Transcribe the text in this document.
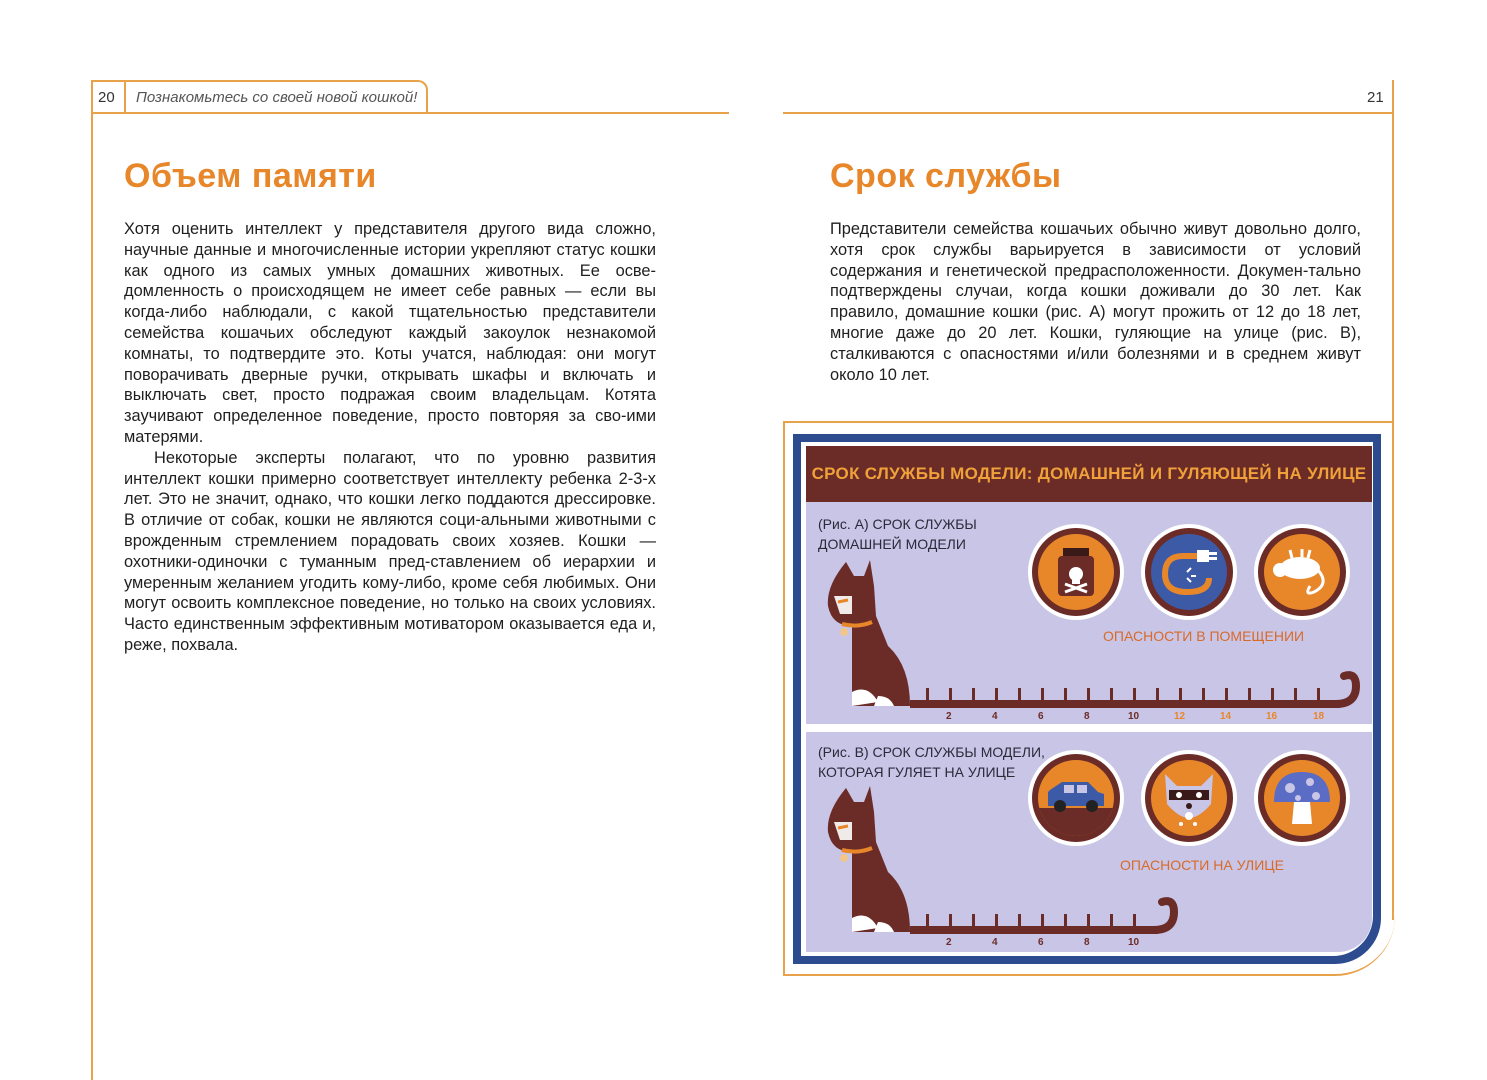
20 Познакомьтесь со своей новой кошкой!
Объем памяти

Хотя оценить интеллект у представителя другого вида сложно, научные данные и многочисленные истории укрепляют статус кошки как одного из самых умных домашних животных. Ее осве-домленность о происходящем не имеет себе равных — если вы когда-либо наблюдали, с какой тщательностью представители семейства кошачьих обследуют каждый закоулок незнакомой комнаты, то подтвердите это. Коты учатся, наблюдая: они могут поворачивать дверные ручки, открывать шкафы и включать и выключать свет, просто подражая своим владельцам. Котята заучивают определенное поведение, просто повторяя за сво-ими матерями.

Некоторые эксперты полагают, что по уровню развития интеллект кошки примерно соответствует интеллекту ребенка 2-3-х лет. Это не значит, однако, что кошки легко поддаются дрессировке. В отличие от собак, кошки не являются соци-альными животными с врожденным стремлением порадовать своих хозяев. Кошки — охотники-одиночки с туманным пред-ставлением об иерархии и умеренным желанием угодить кому-либо, кроме себя любимых. Они могут освоить комплексное поведение, но только на своих условиях. Часто единственным эффективным мотиватором оказывается еда и, реже, похвала.

21
Срок службы

Представители семейства кошачьих обычно живут довольно долго, хотя срок службы варьируется в зависимости от условий содержания и генетической предрасположенности. Докумен-тально подтверждены случаи, когда кошки доживали до 30 лет. Как правило, домашние кошки (рис. А) могут прожить от 12 до 18 лет, многие даже до 20 лет. Кошки, гуляющие на улице (рис. В), сталкиваются с опасностями и/или болезнями и в среднем живут около 10 лет.

СРОК СЛУЖБЫ МОДЕЛИ: ДОМАШНЕЙ И ГУЛЯЮЩЕЙ НА УЛИЦЕ
(Рис. А) СРОК СЛУЖБЫ
ДОМАШНЕЙ МОДЕЛИ
ОПАСНОСТИ В ПОМЕЩЕНИИ
2	4	6	8	10	12	14	16	18
(Рис. В) СРОК СЛУЖБЫ МОДЕЛИ,
КОТОРАЯ ГУЛЯЕТ НА УЛИЦЕ
ОПАСНОСТИ НА УЛИЦЕ
2	4	6	8	10
